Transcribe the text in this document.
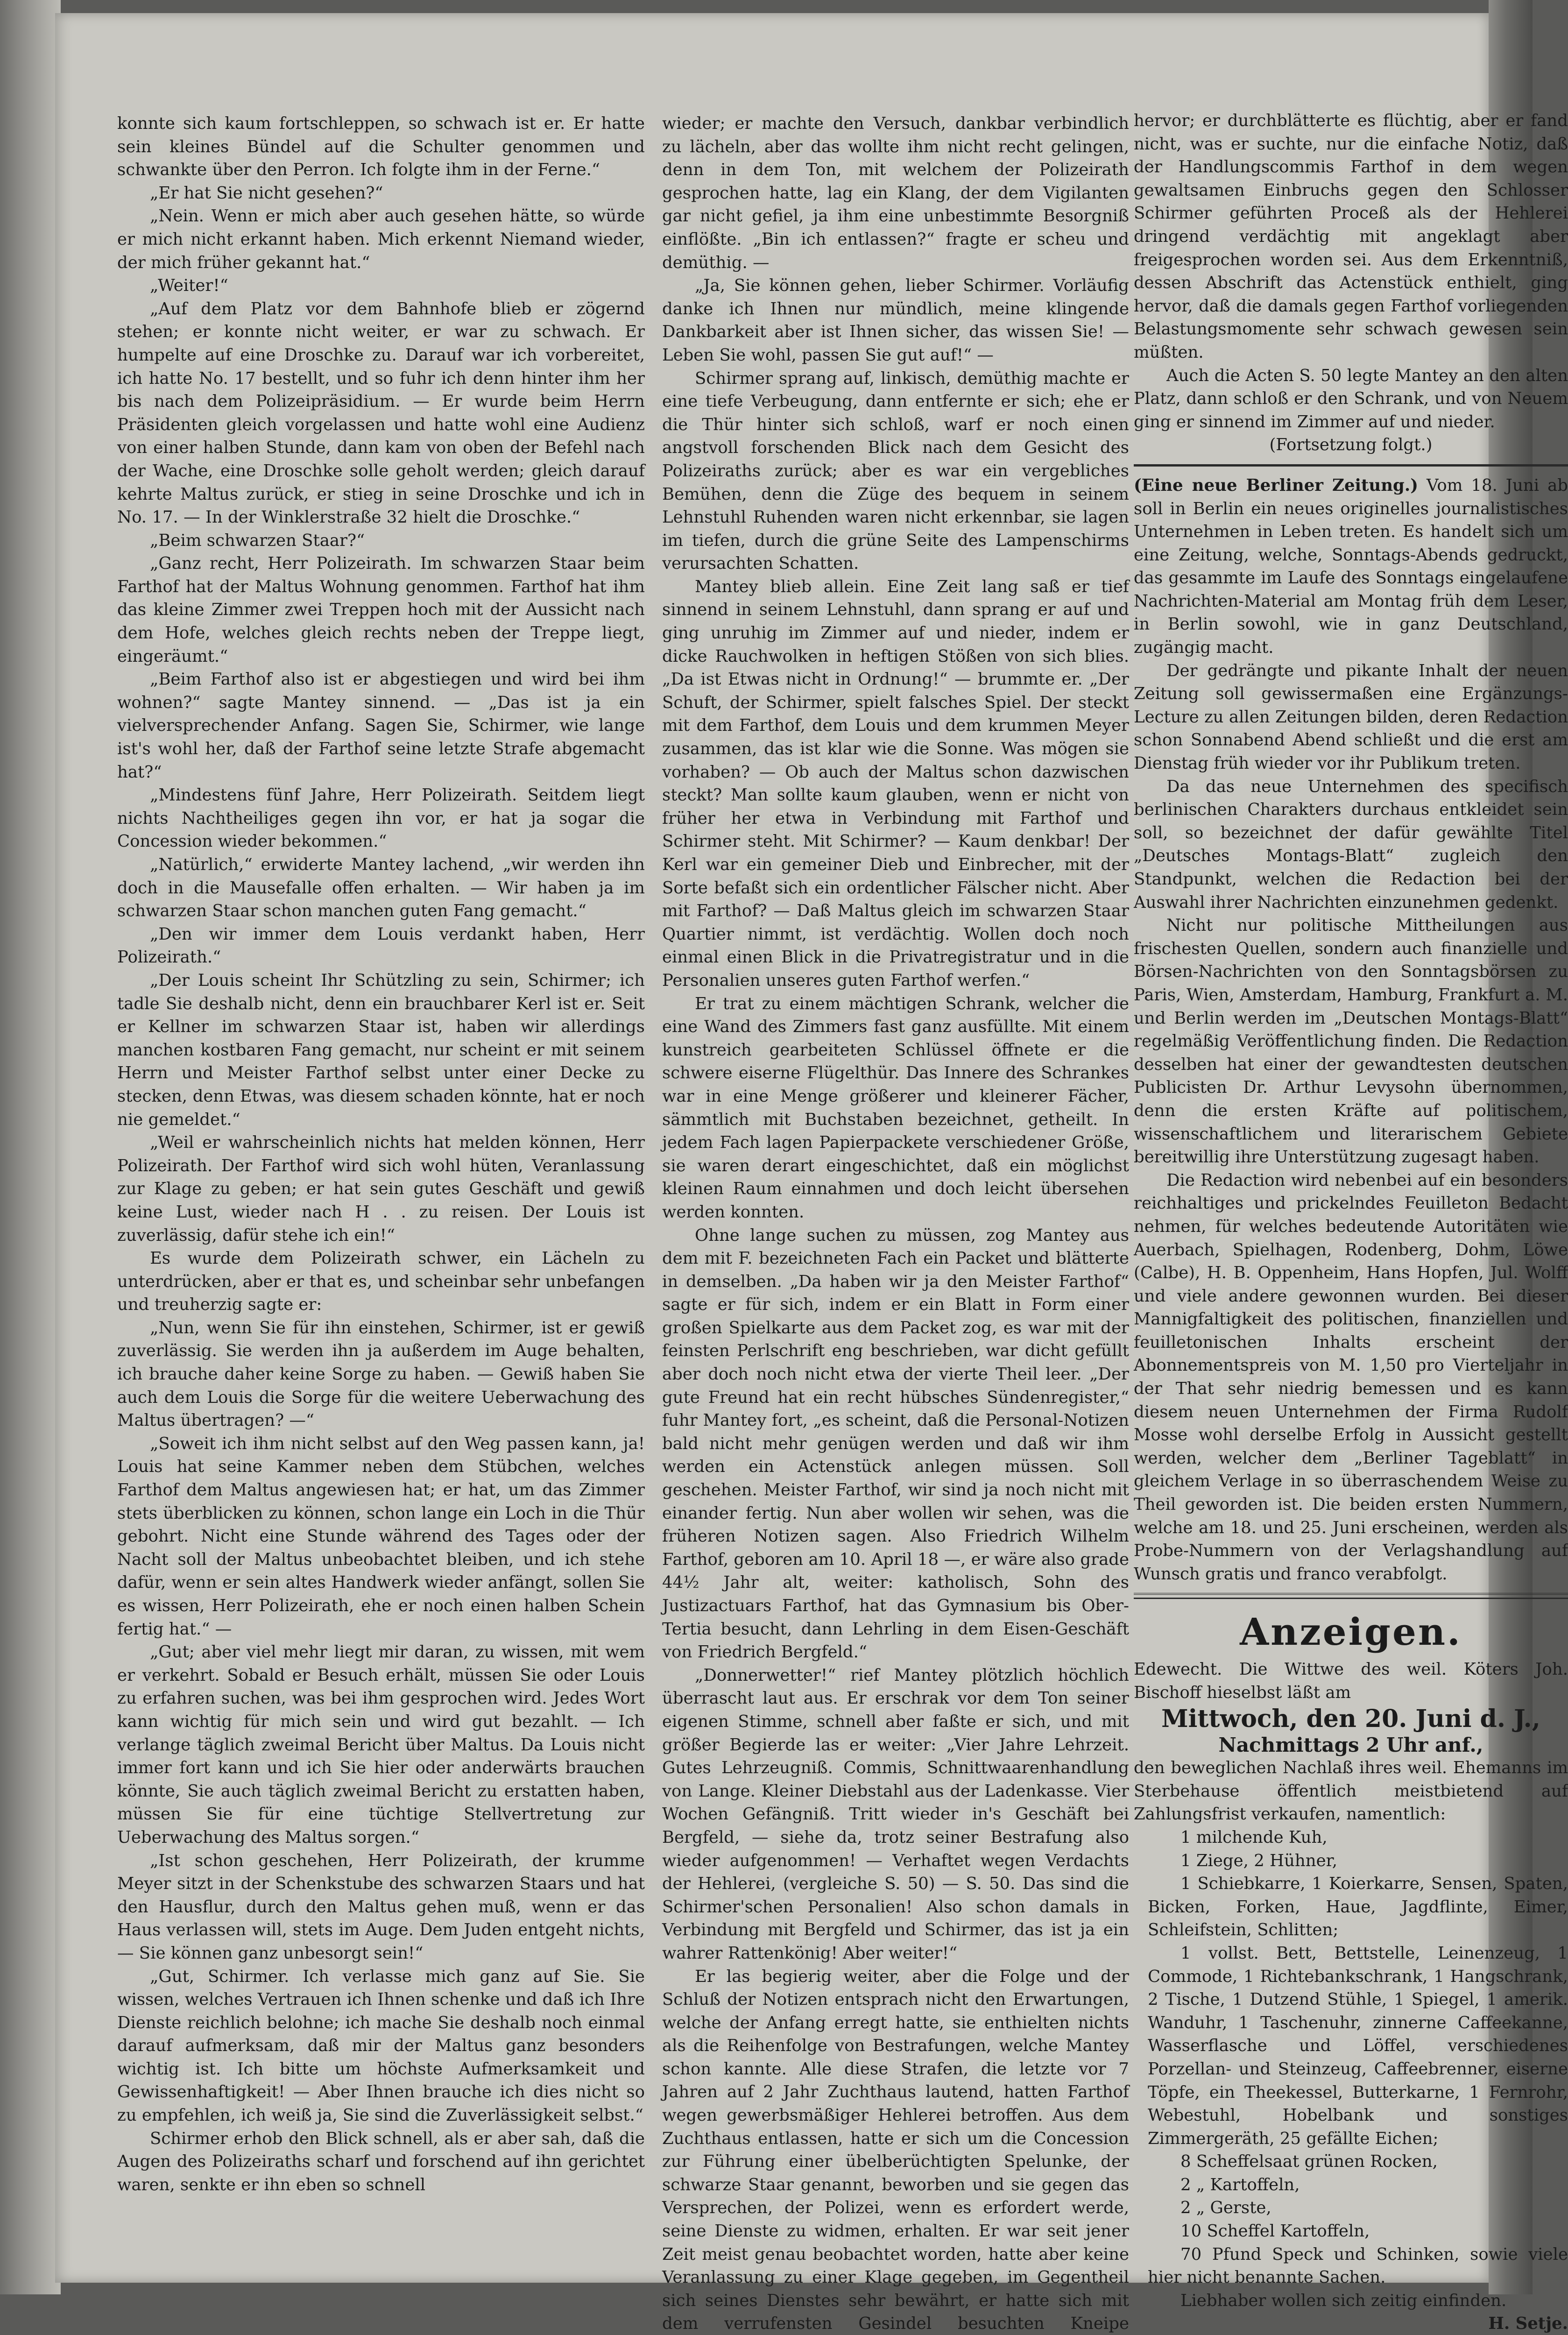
konnte sich kaum fortschleppen, so schwach ist er. Er hatte sein kleines Bündel auf die Schulter genommen und schwankte über den Perron. Ich folgte ihm in der Ferne.“

„Er hat Sie nicht gesehen?“

„Nein. Wenn er mich aber auch gesehen hätte, so würde er mich nicht erkannt haben. Mich erkennt Niemand wieder, der mich früher gekannt hat.“

„Weiter!“

„Auf dem Platz vor dem Bahnhofe blieb er zögernd stehen; er konnte nicht weiter, er war zu schwach. Er humpelte auf eine Droschke zu. Darauf war ich vorbereitet, ich hatte No. 17 bestellt, und so fuhr ich denn hinter ihm her bis nach dem Polizeipräsidium. — Er wurde beim Herrn Präsidenten gleich vorgelassen und hatte wohl eine Audienz von einer halben Stunde, dann kam von oben der Befehl nach der Wache, eine Droschke solle geholt werden; gleich darauf kehrte Maltus zurück, er stieg in seine Droschke und ich in No. 17. — In der Winklerstraße 32 hielt die Droschke.“

„Beim schwarzen Staar?“

„Ganz recht, Herr Polizeirath. Im schwarzen Staar beim Farthof hat der Maltus Wohnung genommen. Farthof hat ihm das kleine Zimmer zwei Treppen hoch mit der Aussicht nach dem Hofe, welches gleich rechts neben der Treppe liegt, eingeräumt.“

„Beim Farthof also ist er abgestiegen und wird bei ihm wohnen?“ sagte Mantey sinnend. — „Das ist ja ein vielversprechender Anfang. Sagen Sie, Schirmer, wie lange ist's wohl her, daß der Farthof seine letzte Strafe abgemacht hat?“

„Mindestens fünf Jahre, Herr Polizeirath. Seitdem liegt nichts Nachtheiliges gegen ihn vor, er hat ja sogar die Concession wieder bekommen.“

„Natürlich,“ erwiderte Mantey lachend, „wir werden ihn doch in die Mausefalle offen erhalten. — Wir haben ja im schwarzen Staar schon manchen guten Fang gemacht.“

„Den wir immer dem Louis verdankt haben, Herr Polizeirath.“

„Der Louis scheint Ihr Schützling zu sein, Schirmer; ich tadle Sie deshalb nicht, denn ein brauchbarer Kerl ist er. Seit er Kellner im schwarzen Staar ist, haben wir allerdings manchen kostbaren Fang gemacht, nur scheint er mit seinem Herrn und Meister Farthof selbst unter einer Decke zu stecken, denn Etwas, was diesem schaden könnte, hat er noch nie gemeldet.“

„Weil er wahrscheinlich nichts hat melden können, Herr Polizeirath. Der Farthof wird sich wohl hüten, Veranlassung zur Klage zu geben; er hat sein gutes Geschäft und gewiß keine Lust, wieder nach H . . zu reisen. Der Louis ist zuverlässig, dafür stehe ich ein!“

Es wurde dem Polizeirath schwer, ein Lächeln zu unterdrücken, aber er that es, und scheinbar sehr unbefangen und treuherzig sagte er:

„Nun, wenn Sie für ihn einstehen, Schirmer, ist er gewiß zuverlässig. Sie werden ihn ja außerdem im Auge behalten, ich brauche daher keine Sorge zu haben. — Gewiß haben Sie auch dem Louis die Sorge für die weitere Ueberwachung des Maltus übertragen? —“

„Soweit ich ihm nicht selbst auf den Weg passen kann, ja! Louis hat seine Kammer neben dem Stübchen, welches Farthof dem Maltus angewiesen hat; er hat, um das Zimmer stets überblicken zu können, schon lange ein Loch in die Thür gebohrt. Nicht eine Stunde während des Tages oder der Nacht soll der Maltus unbeobachtet bleiben, und ich stehe dafür, wenn er sein altes Handwerk wieder anfängt, sollen Sie es wissen, Herr Polizeirath, ehe er noch einen halben Schein fertig hat.“ —

„Gut; aber viel mehr liegt mir daran, zu wissen, mit wem er verkehrt. Sobald er Besuch erhält, müssen Sie oder Louis zu erfahren suchen, was bei ihm gesprochen wird. Jedes Wort kann wichtig für mich sein und wird gut bezahlt. — Ich verlange täglich zweimal Bericht über Maltus. Da Louis nicht immer fort kann und ich Sie hier oder anderwärts brauchen könnte, Sie auch täglich zweimal Bericht zu erstatten haben, müssen Sie für eine tüchtige Stellvertretung zur Ueberwachung des Maltus sorgen.“

„Ist schon geschehen, Herr Polizeirath, der krumme Meyer sitzt in der Schenkstube des schwarzen Staars und hat den Hausflur, durch den Maltus gehen muß, wenn er das Haus verlassen will, stets im Auge. Dem Juden entgeht nichts, — Sie können ganz unbesorgt sein!“

„Gut, Schirmer. Ich verlasse mich ganz auf Sie. Sie wissen, welches Vertrauen ich Ihnen schenke und daß ich Ihre Dienste reichlich belohne; ich mache Sie deshalb noch einmal darauf aufmerksam, daß mir der Maltus ganz besonders wichtig ist. Ich bitte um höchste Aufmerksamkeit und Gewissenhaftigkeit! — Aber Ihnen brauche ich dies nicht so zu empfehlen, ich weiß ja, Sie sind die Zuverlässigkeit selbst.“

Schirmer erhob den Blick schnell, als er aber sah, daß die Augen des Polizeiraths scharf und forschend auf ihn gerichtet waren, senkte er ihn eben so schnell

wieder; er machte den Versuch, dankbar verbindlich zu lächeln, aber das wollte ihm nicht recht gelingen, denn in dem Ton, mit welchem der Polizeirath gesprochen hatte, lag ein Klang, der dem Vigilanten gar nicht gefiel, ja ihm eine unbestimmte Besorgniß einflößte. „Bin ich entlassen?“ fragte er scheu und demüthig. —

„Ja, Sie können gehen, lieber Schirmer. Vorläufig danke ich Ihnen nur mündlich, meine klingende Dankbarkeit aber ist Ihnen sicher, das wissen Sie! — Leben Sie wohl, passen Sie gut auf!“ —

Schirmer sprang auf, linkisch, demüthig machte er eine tiefe Verbeugung, dann entfernte er sich; ehe er die Thür hinter sich schloß, warf er noch einen angstvoll forschenden Blick nach dem Gesicht des Polizeiraths zurück; aber es war ein vergebliches Bemühen, denn die Züge des bequem in seinem Lehnstuhl Ruhenden waren nicht erkennbar, sie lagen im tiefen, durch die grüne Seite des Lampenschirms verursachten Schatten.

Mantey blieb allein. Eine Zeit lang saß er tief sinnend in seinem Lehnstuhl, dann sprang er auf und ging unruhig im Zimmer auf und nieder, indem er dicke Rauchwolken in heftigen Stößen von sich blies. „Da ist Etwas nicht in Ordnung!“ — brummte er. „Der Schuft, der Schirmer, spielt falsches Spiel. Der steckt mit dem Farthof, dem Louis und dem krummen Meyer zusammen, das ist klar wie die Sonne. Was mögen sie vorhaben? — Ob auch der Maltus schon dazwischen steckt? Man sollte kaum glauben, wenn er nicht von früher her etwa in Verbindung mit Farthof und Schirmer steht. Mit Schirmer? — Kaum denkbar! Der Kerl war ein gemeiner Dieb und Einbrecher, mit der Sorte befaßt sich ein ordentlicher Fälscher nicht. Aber mit Farthof? — Daß Maltus gleich im schwarzen Staar Quartier nimmt, ist verdächtig. Wollen doch noch einmal einen Blick in die Privatregistratur und in die Personalien unseres guten Farthof werfen.“

Er trat zu einem mächtigen Schrank, welcher die eine Wand des Zimmers fast ganz ausfüllte. Mit einem kunstreich gearbeiteten Schlüssel öffnete er die schwere eiserne Flügelthür. Das Innere des Schrankes war in eine Menge größerer und kleinerer Fächer, sämmtlich mit Buchstaben bezeichnet, getheilt. In jedem Fach lagen Papierpackete verschiedener Größe, sie waren derart eingeschichtet, daß ein möglichst kleinen Raum einnahmen und doch leicht übersehen werden konnten.

Ohne lange suchen zu müssen, zog Mantey aus dem mit F. bezeichneten Fach ein Packet und blätterte in demselben. „Da haben wir ja den Meister Farthof“ sagte er für sich, indem er ein Blatt in Form einer großen Spielkarte aus dem Packet zog, es war mit der feinsten Perlschrift eng beschrieben, war dicht gefüllt aber doch noch nicht etwa der vierte Theil leer. „Der gute Freund hat ein recht hübsches Sündenregister,“ fuhr Mantey fort, „es scheint, daß die Personal-Notizen bald nicht mehr genügen werden und daß wir ihm werden ein Actenstück anlegen müssen. Soll geschehen. Meister Farthof, wir sind ja noch nicht mit einander fertig. Nun aber wollen wir sehen, was die früheren Notizen sagen. Also Friedrich Wilhelm Farthof, geboren am 10. April 18 —, er wäre also grade 44½ Jahr alt, weiter: katholisch, Sohn des Justizactuars Farthof, hat das Gymnasium bis Ober-Tertia besucht, dann Lehrling in dem Eisen-Geschäft von Friedrich Bergfeld.“

„Donnerwetter!“ rief Mantey plötzlich höchlich überrascht laut aus. Er erschrak vor dem Ton seiner eigenen Stimme, schnell aber faßte er sich, und mit größer Begierde las er weiter: „Vier Jahre Lehrzeit. Gutes Lehrzeugniß. Commis, Schnittwaarenhandlung von Lange. Kleiner Diebstahl aus der Ladenkasse. Vier Wochen Gefängniß. Tritt wieder in's Geschäft bei Bergfeld, — siehe da, trotz seiner Bestrafung also wieder aufgenommen! — Verhaftet wegen Verdachts der Hehlerei, (vergleiche S. 50) — S. 50. Das sind die Schirmer'schen Personalien! Also schon damals in Verbindung mit Bergfeld und Schirmer, das ist ja ein wahrer Rattenkönig! Aber weiter!“

Er las begierig weiter, aber die Folge und der Schluß der Notizen entsprach nicht den Erwartungen, welche der Anfang erregt hatte, sie enthielten nichts als die Reihenfolge von Bestrafungen, welche Mantey schon kannte. Alle diese Strafen, die letzte vor 7 Jahren auf 2 Jahr Zuchthaus lautend, hatten Farthof wegen gewerbsmäßiger Hehlerei betroffen. Aus dem Zuchthaus entlassen, hatte er sich um die Concession zur Führung einer übelberüchtigten Spelunke, der schwarze Staar genannt, beworben und sie gegen das Versprechen, der Polizei, wenn es erfordert werde, seine Dienste zu widmen, erhalten. Er war seit jener Zeit meist genau beobachtet worden, hatte aber keine Veranlassung zu einer Klage gegeben, im Gegentheil sich seines Dienstes sehr bewährt, er hatte sich mit dem verrufensten Gesindel besuchten Kneipe

hervor; er durchblätterte es flüchtig, aber er fand nicht, was er suchte, nur die einfache Notiz, daß der Handlungscommis Farthof in dem wegen gewaltsamen Einbruchs gegen den Schlosser Schirmer geführten Proceß als der Hehlerei dringend verdächtig mit angeklagt aber freigesprochen worden sei. Aus dem Erkenntniß, dessen Abschrift das Actenstück enthielt, ging hervor, daß die damals gegen Farthof vorliegenden Belastungsmomente sehr schwach gewesen sein müßten.

Auch die Acten S. 50 legte Mantey an den alten Platz, dann schloß er den Schrank, und von Neuem ging er sinnend im Zimmer auf und nieder.

(Fortsetzung folgt.)

(Eine neue Berliner Zeitung.) Vom 18. Juni ab soll in Berlin ein neues originelles journalistisches Unternehmen in Leben treten. Es handelt sich um eine Zeitung, welche, Sonntags-Abends gedruckt, das gesammte im Laufe des Sonntags eingelaufene Nachrichten-Material am Montag früh dem Leser, in Berlin sowohl, wie in ganz Deutschland, zugängig macht.

Der gedrängte und pikante Inhalt der neuen Zeitung soll gewissermaßen eine Ergänzungs-Lecture zu allen Zeitungen bilden, deren Redaction schon Sonnabend Abend schließt und die erst am Dienstag früh wieder vor ihr Publikum treten.

Da das neue Unternehmen des specifisch berlinischen Charakters durchaus entkleidet sein soll, so bezeichnet der dafür gewählte Titel „Deutsches Montags-Blatt“ zugleich den Standpunkt, welchen die Redaction bei der Auswahl ihrer Nachrichten einzunehmen gedenkt.

Nicht nur politische Mittheilungen aus frischesten Quellen, sondern auch finanzielle und Börsen-Nachrichten von den Sonntagsbörsen zu Paris, Wien, Amsterdam, Hamburg, Frankfurt a. M. und Berlin werden im „Deutschen Montags-Blatt“ regelmäßig Veröffentlichung finden. Die Redaction desselben hat einer der gewandtesten deutschen Publicisten Dr. Arthur Levysohn übernommen, denn die ersten Kräfte auf politischem, wissenschaftlichem und literarischem Gebiete bereitwillig ihre Unterstützung zugesagt haben.

Die Redaction wird nebenbei auf ein besonders reichhaltiges und prickelndes Feuilleton Bedacht nehmen, für welches bedeutende Autoritäten wie Auerbach, Spielhagen, Rodenberg, Dohm, Löwe (Calbe), H. B. Oppenheim, Hans Hopfen, Jul. Wolff und viele andere gewonnen wurden. Bei dieser Mannigfaltigkeit des politischen, finanziellen und feuilletonischen Inhalts erscheint der Abonnementspreis von M. 1,50 pro Vierteljahr in der That sehr niedrig bemessen und es kann diesem neuen Unternehmen der Firma Rudolf Mosse wohl derselbe Erfolg in Aussicht gestellt werden, welcher dem „Berliner Tageblatt“ in gleichem Verlage in so überraschendem Weise zu Theil geworden ist. Die beiden ersten Nummern, welche am 18. und 25. Juni erscheinen, werden als Probe-Nummern von der Verlagshandlung auf Wunsch gratis und franco verabfolgt.

Anzeigen.

Edewecht. Die Wittwe des weil. Köters Joh. Bischoff hieselbst läßt am

Mittwoch, den 20. Juni d. J.,

Nachmittags 2 Uhr anf.,

den beweglichen Nachlaß ihres weil. Ehemanns im Sterbehause öffentlich meistbietend auf Zahlungsfrist verkaufen, namentlich:

1 milchende Kuh,

1 Ziege, 2 Hühner,

1 Schiebkarre, 1 Koierkarre, Sensen, Spaten, Bicken, Forken, Haue, Jagdflinte, Eimer, Schleifstein, Schlitten;

1 vollst. Bett, Bettstelle, Leinenzeug, 1 Commode, 1 Richtebankschrank, 1 Hangschrank, 2 Tische, 1 Dutzend Stühle, 1 Spiegel, 1 amerik. Wanduhr, 1 Taschenuhr, zinnerne Caffeekanne, Wasserflasche und Löffel, verschiedenes Porzellan- und Steinzeug, Caffeebrenner, eiserne Töpfe, ein Theekessel, Butterkarne, 1 Fernrohr, Webestuhl, Hobelbank und sonstiges Zimmergeräth, 25 gefällte Eichen;

8 Scheffelsaat grünen Rocken,

2 „ Kartoffeln,

2 „ Gerste,

10 Scheffel Kartoffeln,

70 Pfund Speck und Schinken, sowie viele hier nicht benannte Sachen.

Liebhaber wollen sich zeitig einfinden.

H. Setje.
